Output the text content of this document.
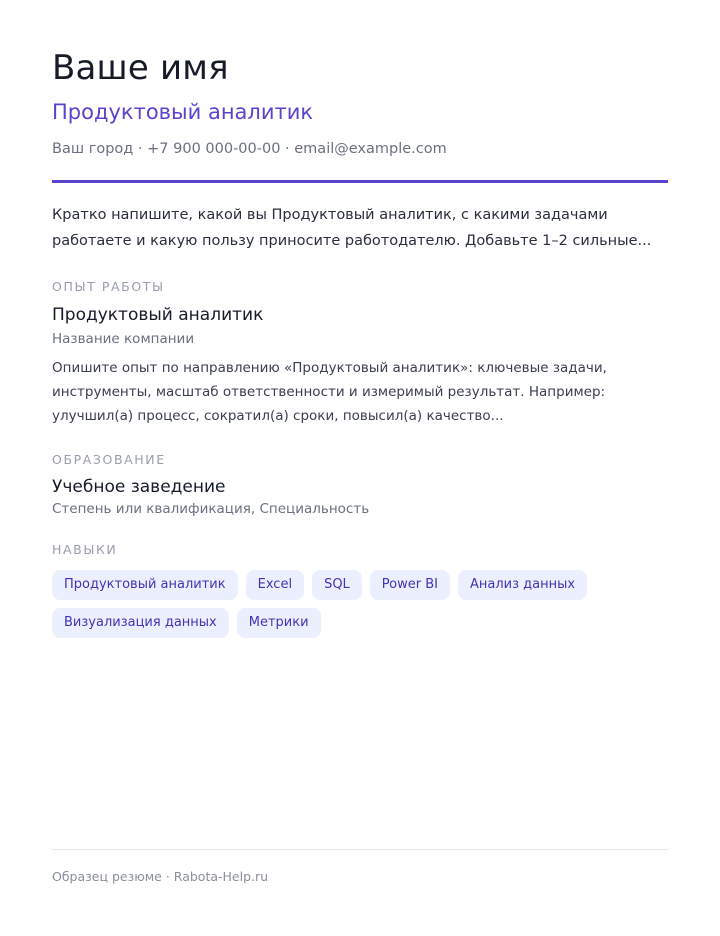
Ваше имя
Продуктовый аналитик
Ваш город · +7 900 000-00-00 · email@example.com
Кратко напишите, какой вы Продуктовый аналитик, с какими задачами работаете и какую пользу приносите работодателю. Добавьте 1–2 сильные...
ОПЫТ РАБОТЫ
Продуктовый аналитик
Название компании
Опишите опыт по направлению «Продуктовый аналитик»: ключевые задачи, инструменты, масштаб ответственности и измеримый результат. Например: улучшил(а) процесс, сократил(а) сроки, повысил(а) качество...
ОБРАЗОВАНИЕ
Учебное заведение
Степень или квалификация, Специальность
НАВЫКИ
Продуктовый аналитик	Excel	SQL	Power BI	Анализ данных
Визуализация данных	Метрики
Образец резюме · Rabota-Help.ru
